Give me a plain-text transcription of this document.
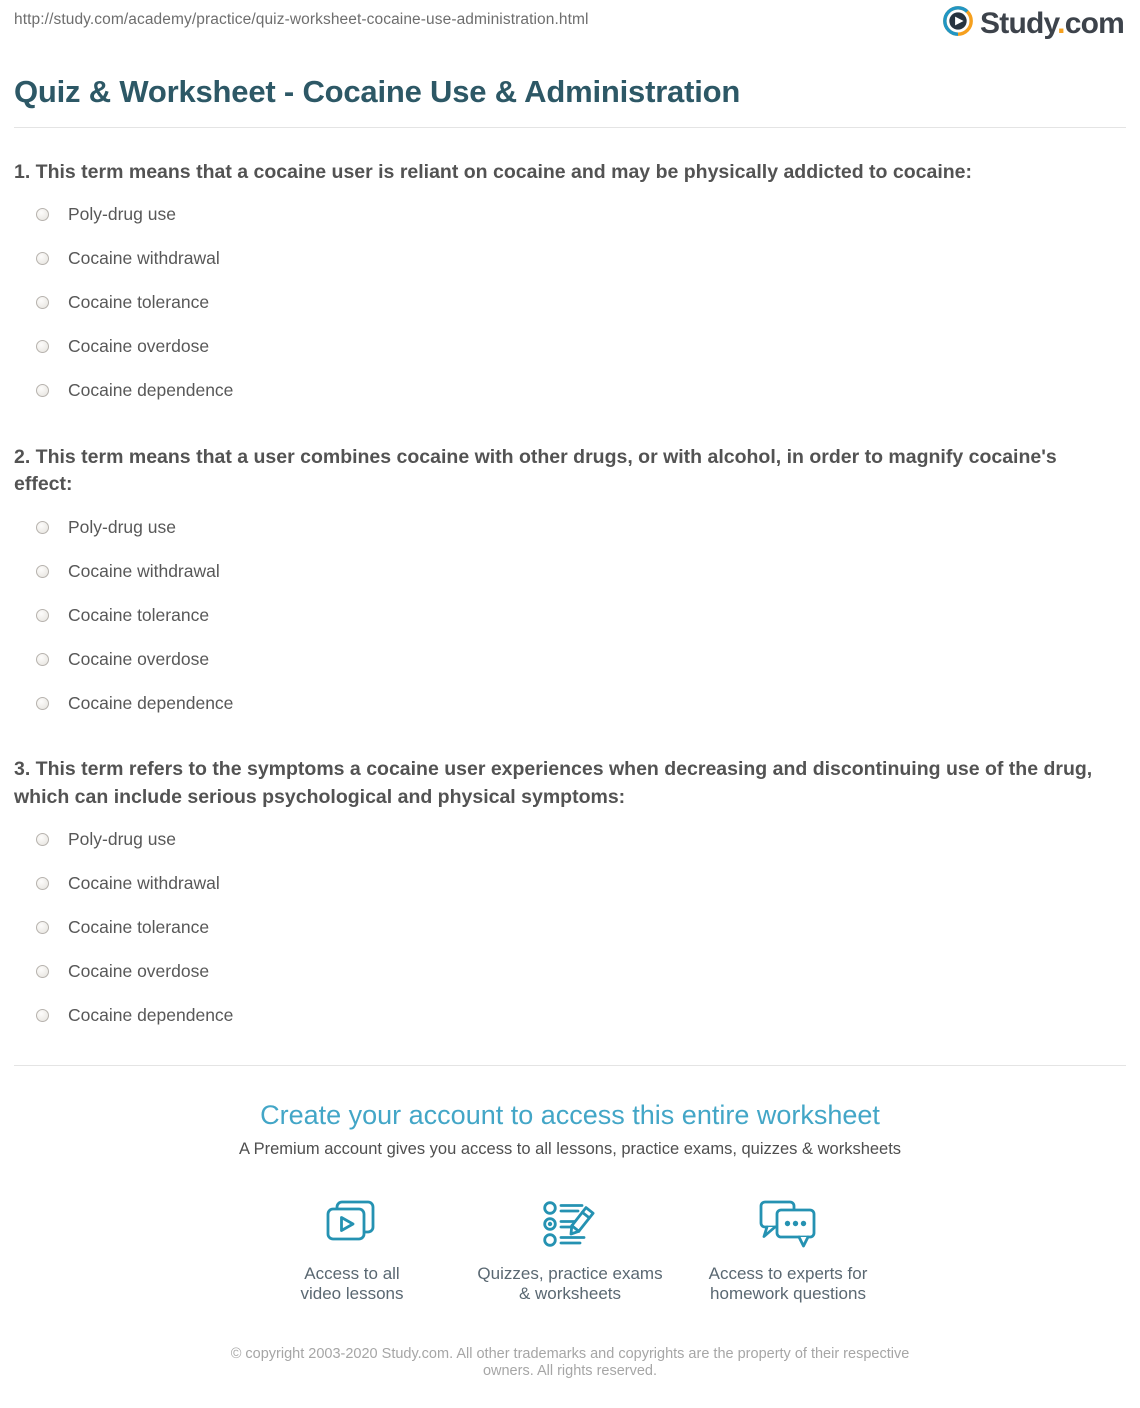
http://study.com/academy/practice/quiz-worksheet-cocaine-use-administration.html	Study.com
Quiz & Worksheet - Cocaine Use & Administration
1. This term means that a cocaine user is reliant on cocaine and may be physically addicted to cocaine:
Poly-drug use
Cocaine withdrawal
Cocaine tolerance
Cocaine overdose
Cocaine dependence
2. This term means that a user combines cocaine with other drugs, or with alcohol, in order to magnify cocaine's effect:
Poly-drug use
Cocaine withdrawal
Cocaine tolerance
Cocaine overdose
Cocaine dependence
3. This term refers to the symptoms a cocaine user experiences when decreasing and discontinuing use of the drug, which can include serious psychological and physical symptoms:
Poly-drug use
Cocaine withdrawal
Cocaine tolerance
Cocaine overdose
Cocaine dependence
Create your account to access this entire worksheet
A Premium account gives you access to all lessons, practice exams, quizzes & worksheets
Access to all
video lessons
Quizzes, practice exams
& worksheets
Access to experts for
homework questions
© copyright 2003-2020 Study.com. All other trademarks and copyrights are the property of their respective owners. All rights reserved.
